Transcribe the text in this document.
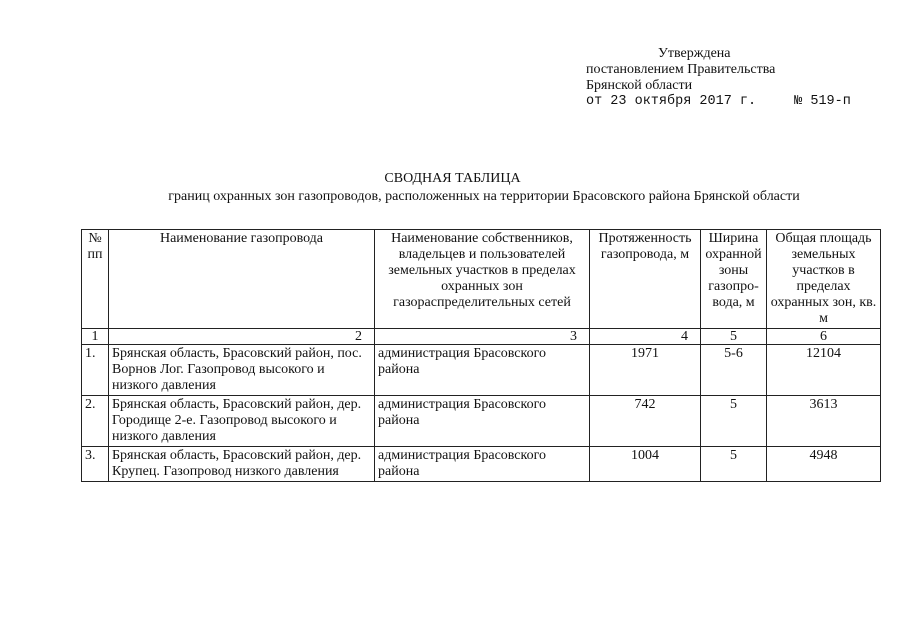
Утверждена
постановлением Правительства
Брянской области
от 23 октября 2017 г.	№ 519-п
СВОДНАЯ ТАБЛИЦА
границ охранных зон газопроводов, расположенных на территории Брасовского района Брянской области
№ пп	Наименование газопровода	Наименование собственников, владельцев и пользователей земельных участков в пределах охранных зон газораспределительных сетей	Протяженность газопровода, м	Ширина охранной зоны газопро-вода, м	Общая площадь земельных участков в пределах охранных зон, кв. м
1	2	3	4	5	6
1.	Брянская область, Брасовский район, пос. Ворнов Лог. Газопровод высокого и низкого давления	администрация Брасовского района	1971	5-6	12104
2.	Брянская область, Брасовский район, дер. Городище 2-е. Газопровод высокого и низкого давления	администрация Брасовского района	742	5	3613
3.	Брянская область, Брасовский район, дер. Крупец. Газопровод низкого давления	администрация Брасовского района	1004	5	4948
